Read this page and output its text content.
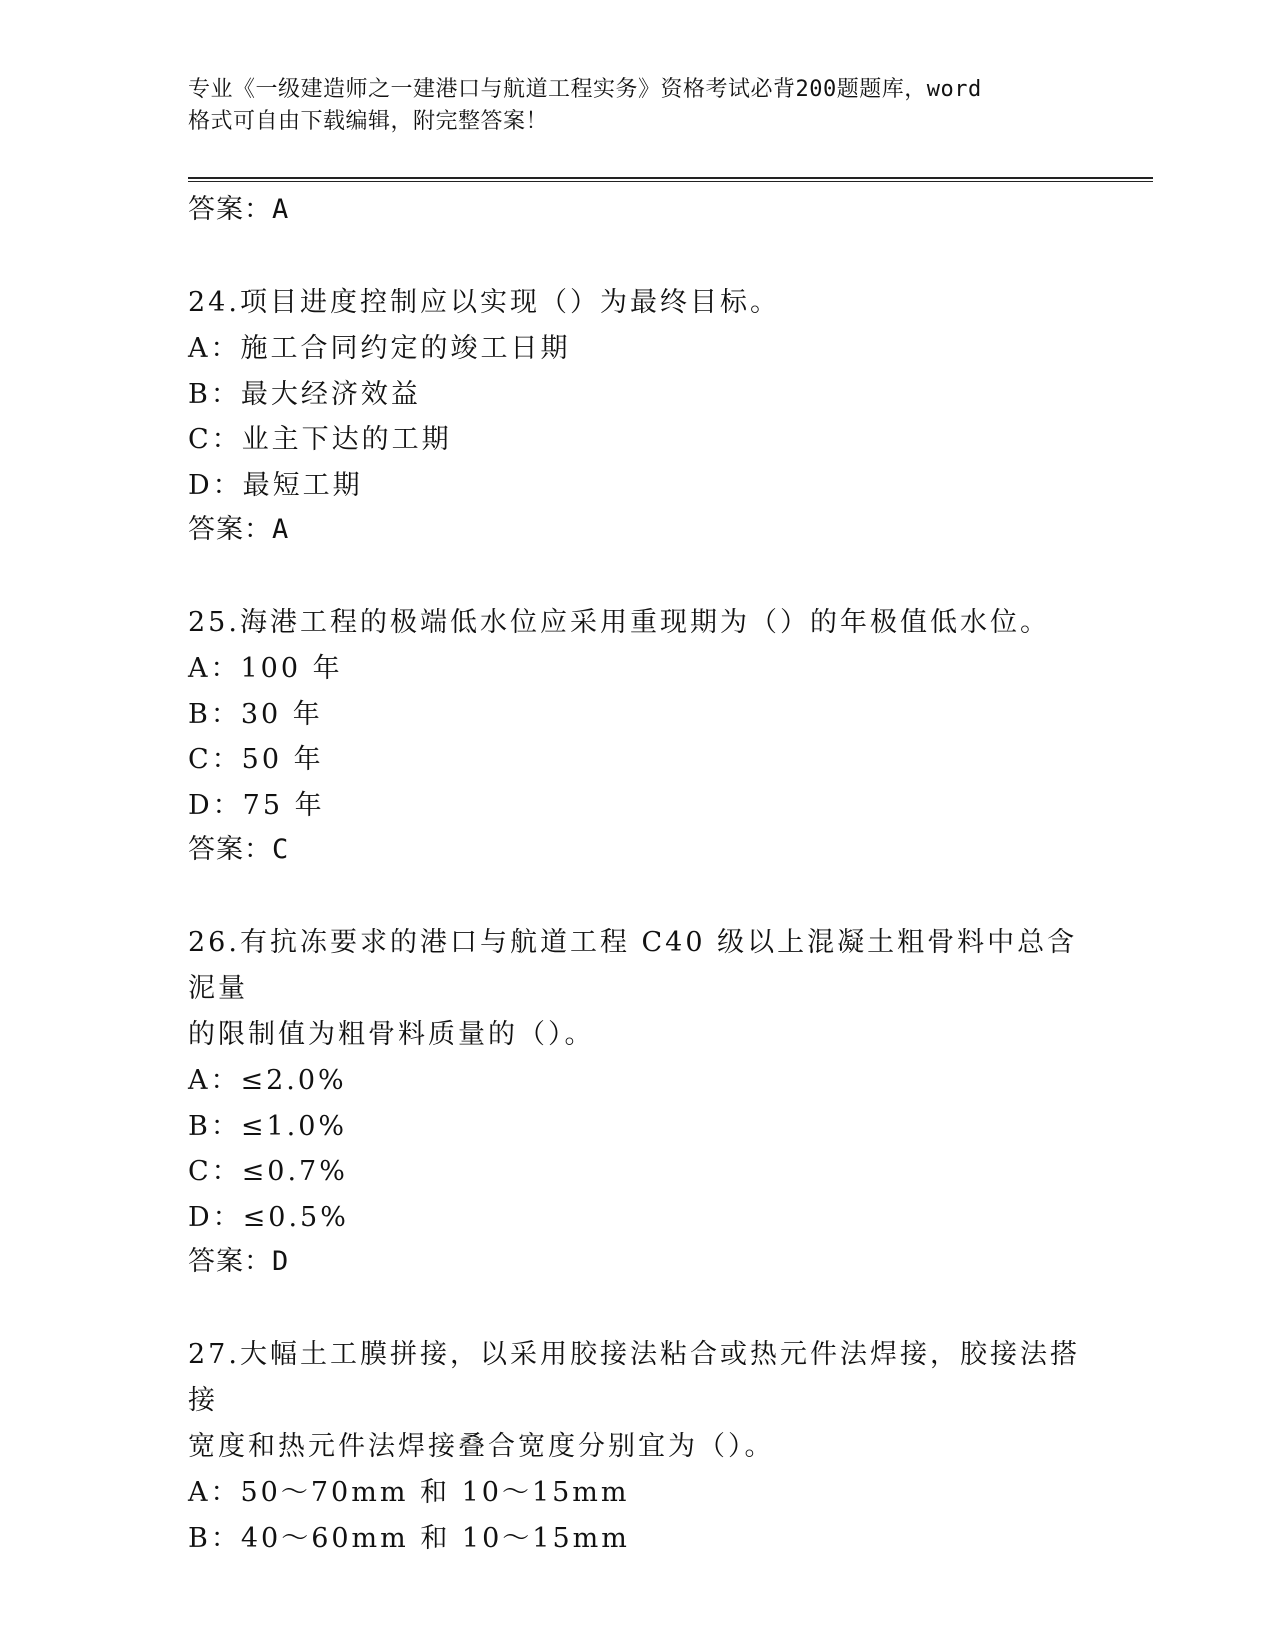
专业《一级建造师之一建港口与航道工程实务》资格考试必背200题题库，word
格式可自由下载编辑，附完整答案！
答案：A
24.项目进度控制应以实现（）为最终目标。
A：施工合同约定的竣工日期
B：最大经济效益
C：业主下达的工期
D：最短工期
答案：A
25.海港工程的极端低水位应采用重现期为（）的年极值低水位。
A：100 年
B：30 年
C：50 年
D：75 年
答案：C
26.有抗冻要求的港口与航道工程 C40 级以上混凝土粗骨料中总含泥量
的限制值为粗骨料质量的（）。
A：≤2.0%
B：≤1.0%
C：≤0.7%
D：≤0.5%
答案：D
27.大幅土工膜拼接，以采用胶接法粘合或热元件法焊接，胶接法搭接
宽度和热元件法焊接叠合宽度分别宜为（）。
A：50～70mm 和 10～15mm
B：40～60mm 和 10～15mm
